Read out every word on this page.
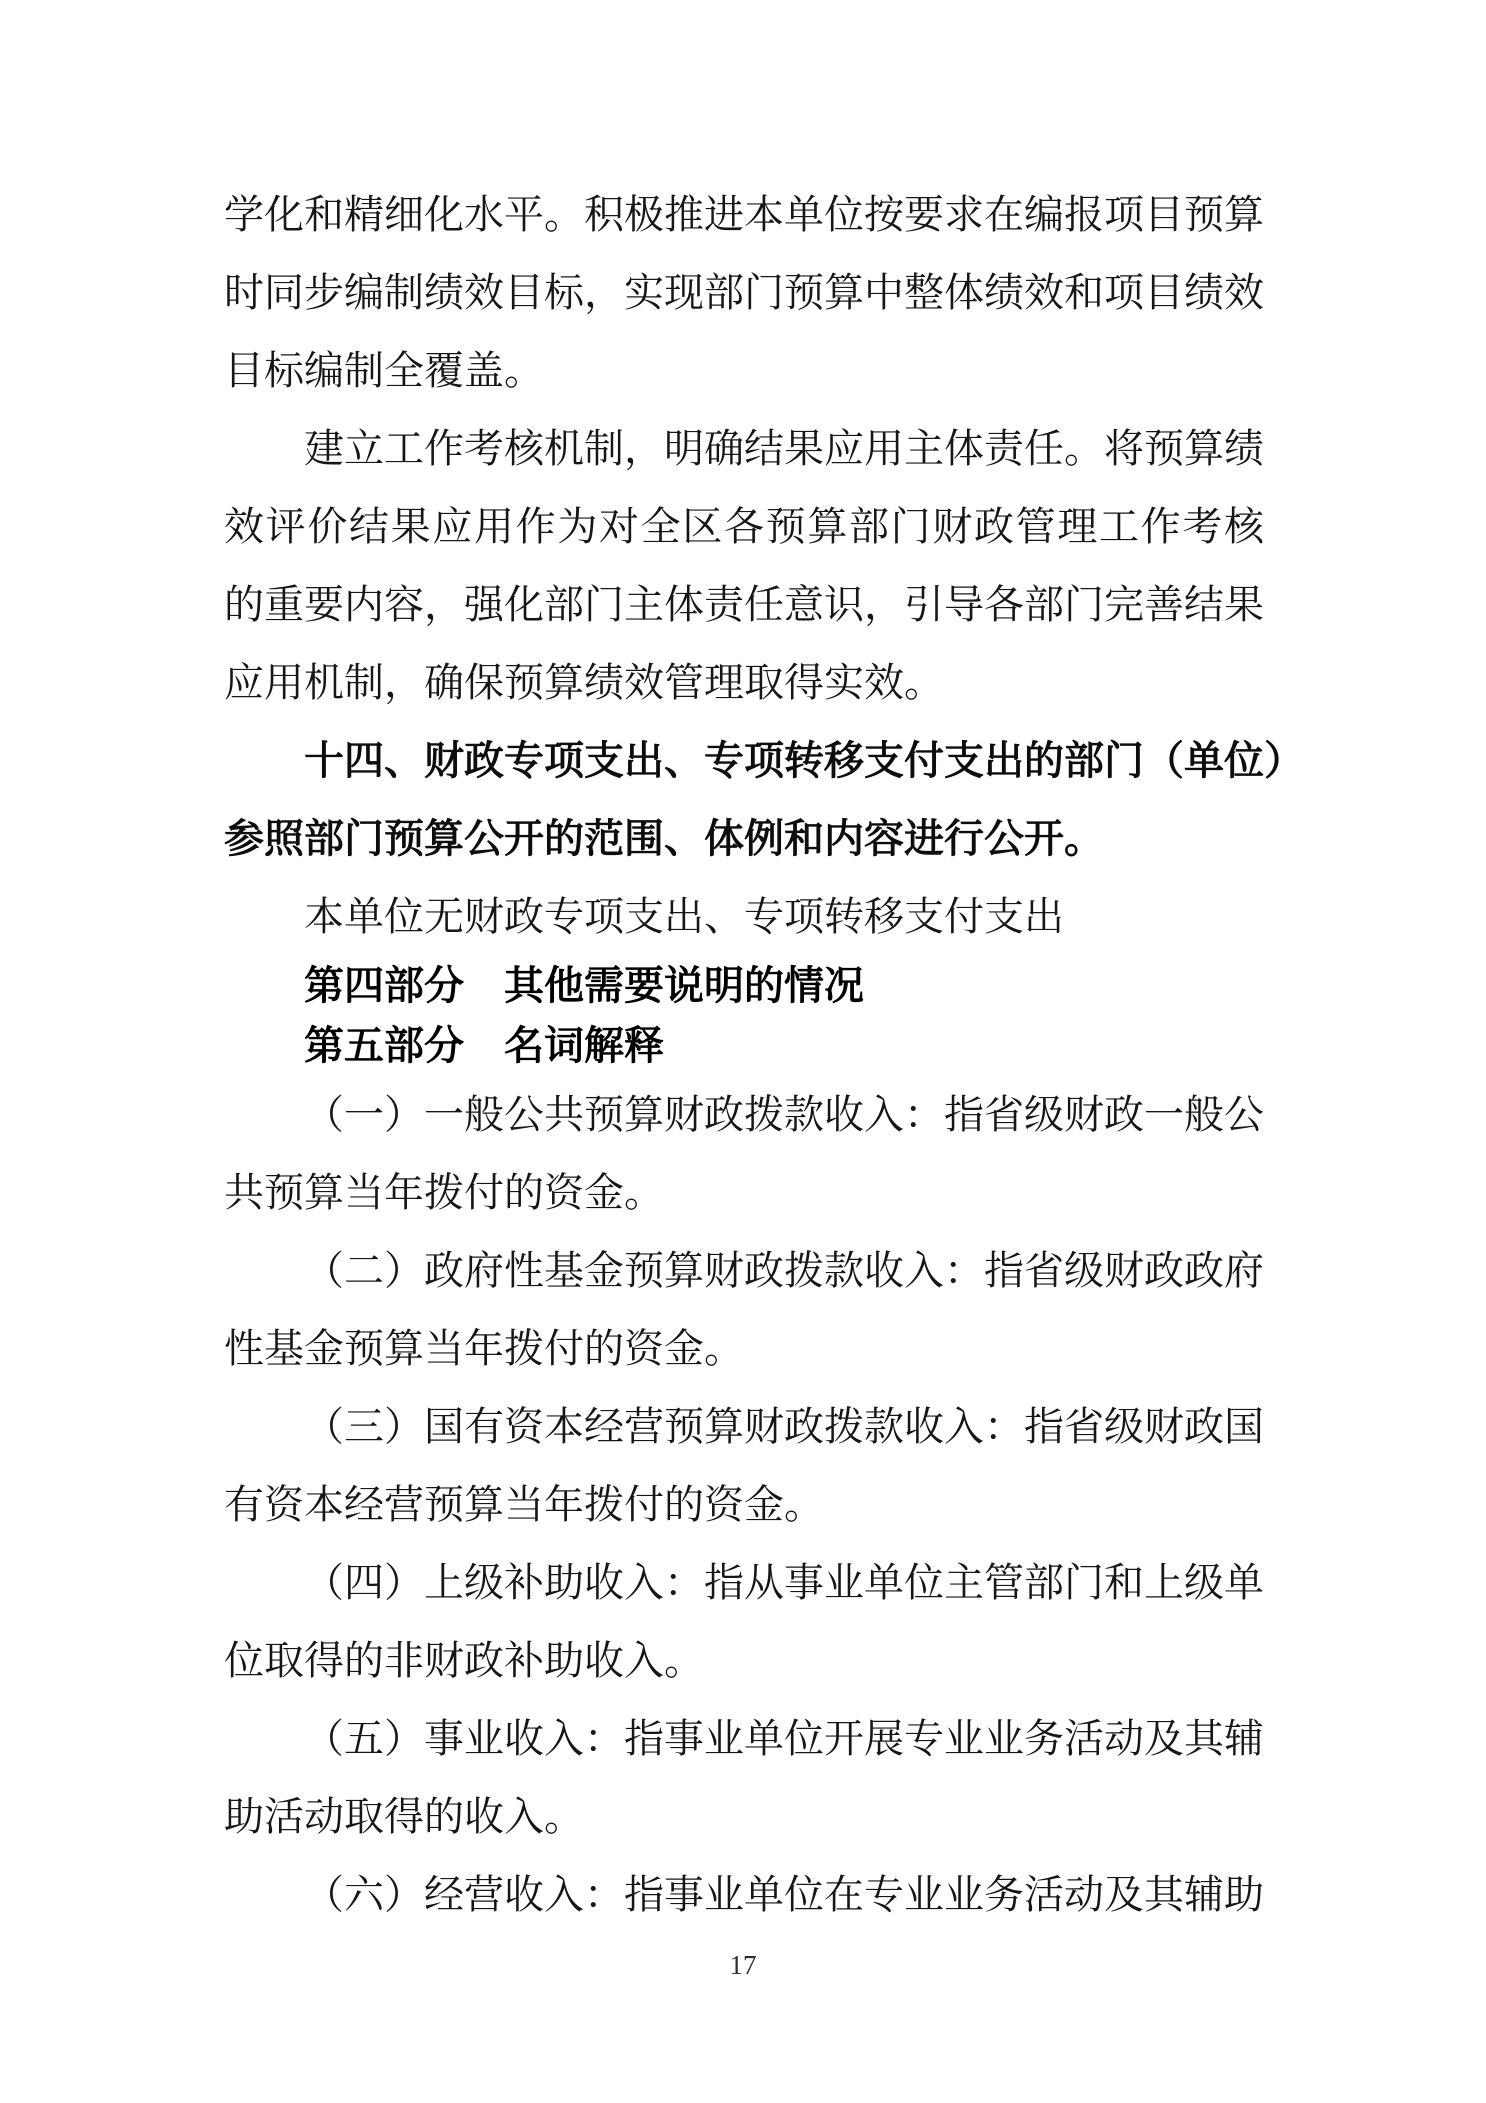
学化和精细化水平。积极推进本单位按要求在编报项目预算
时同步编制绩效目标，实现部门预算中整体绩效和项目绩效
目标编制全覆盖。
建立工作考核机制，明确结果应用主体责任。将预算绩
效评价结果应用作为对全区各预算部门财政管理工作考核
的重要内容，强化部门主体责任意识，引导各部门完善结果
应用机制，确保预算绩效管理取得实效。
十四、财政专项支出、专项转移支付支出的部门（单位）
参照部门预算公开的范围、体例和内容进行公开。
本单位无财政专项支出、专项转移支付支出
第四部分　其他需要说明的情况
第五部分　名词解释
（一）一般公共预算财政拨款收入：指省级财政一般公
共预算当年拨付的资金。
（二）政府性基金预算财政拨款收入：指省级财政政府
性基金预算当年拨付的资金。
（三）国有资本经营预算财政拨款收入：指省级财政国
有资本经营预算当年拨付的资金。
（四）上级补助收入：指从事业单位主管部门和上级单
位取得的非财政补助收入。
（五）事业收入：指事业单位开展专业业务活动及其辅
助活动取得的收入。
（六）经营收入：指事业单位在专业业务活动及其辅助
17
